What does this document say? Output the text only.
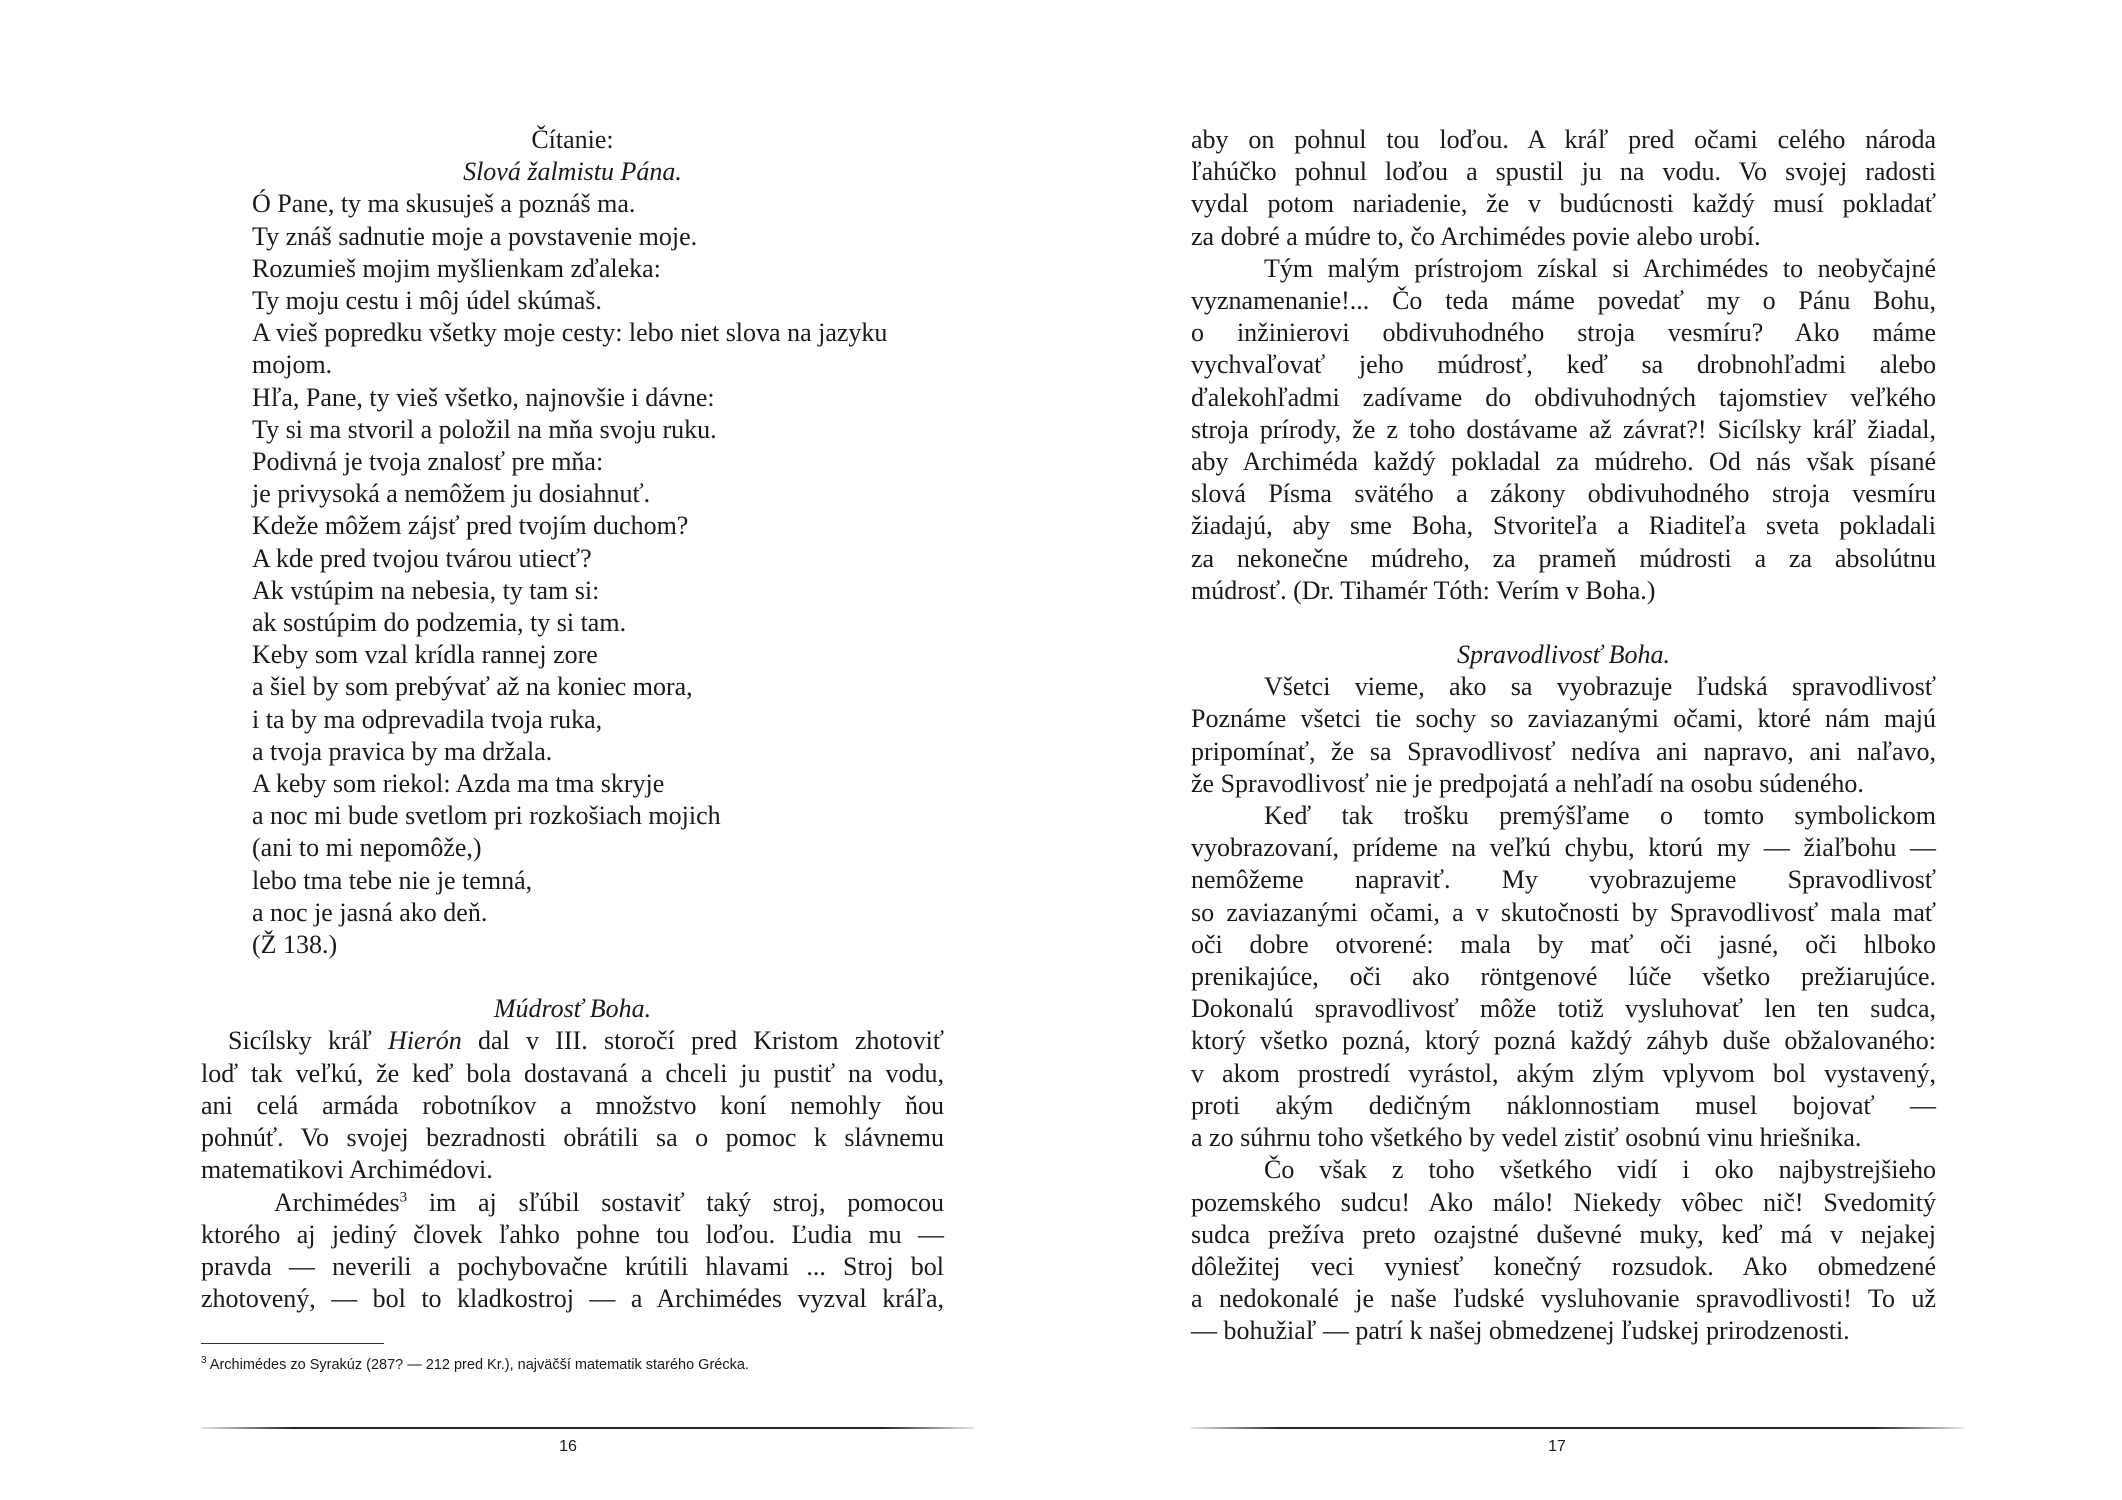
Čítanie:
Slová žalmistu Pána.
Ó Pane, ty ma skusuješ a poznáš ma.
Ty znáš sadnutie moje a povstavenie moje.
Rozumieš mojim myšlienkam zďaleka:
Ty moju cestu i môj údel skúmaš.
A vieš popredku všetky moje cesty: lebo niet slova na jazyku
mojom.
Hľa, Pane, ty vieš všetko, najnovšie i dávne:
Ty si ma stvoril a položil na mňa svoju ruku.
Podivná je tvoja znalosť pre mňa:
je privysoká a nemôžem ju dosiahnuť.
Kdeže môžem zájsť pred tvojím duchom?
A kde pred tvojou tvárou utiecť?
Ak vstúpim na nebesia, ty tam si:
ak sostúpim do podzemia, ty si tam.
Keby som vzal krídla rannej zore
a šiel by som prebývať až na koniec mora,
i ta by ma odprevadila tvoja ruka,
a tvoja pravica by ma držala.
A keby som riekol: Azda ma tma skryje
a noc mi bude svetlom pri rozkošiach mojich
(ani to mi nepomôže,)
lebo tma tebe nie je temná,
a noc je jasná ako deň.
(Ž 138.)
Múdrosť Boha.
Sicílsky kráľ Hierón dal v III. storočí pred Kristom zhotoviť
loď tak veľkú, že keď bola dostavaná a chceli ju pustiť na vodu,
ani celá armáda robotníkov a množstvo koní nemohly ňou
pohnúť. Vo svojej bezradnosti obrátili sa o pomoc k slávnemu
matematikovi Archimédovi.
Archimédes$^3$ im aj sľúbil sostaviť taký stroj, pomocou
ktorého aj jediný človek ľahko pohne tou loďou. Ľudia mu —
pravda — neverili a pochybovačne krútili hlavami ... Stroj bol
zhotovený, — bol to kladkostroj — a Archimédes vyzval kráľa,
$^3$ Archimédes zo Syrakúz (287? — 212 pred Kr.), najväčší matematik starého Grécka.
16
aby on pohnul tou loďou. A kráľ pred očami celého národa
ľahúčko pohnul loďou a spustil ju na vodu. Vo svojej radosti
vydal potom nariadenie, že v budúcnosti každý musí pokladať
za dobré a múdre to, čo Archimédes povie alebo urobí.
Tým malým prístrojom získal si Archimédes to neobyčajné
vyznamenanie!... Čo teda máme povedať my o Pánu Bohu,
o inžinierovi obdivuhodného stroja vesmíru? Ako máme
vychvaľovať jeho múdrosť, keď sa drobnohľadmi alebo
ďalekohľadmi zadívame do obdivuhodných tajomstiev veľkého
stroja prírody, že z toho dostávame až závrat?! Sicílsky kráľ žiadal,
aby Archiméda každý pokladal za múdreho. Od nás však písané
slová Písma svätého a zákony obdivuhodného stroja vesmíru
žiadajú, aby sme Boha, Stvoriteľa a Riaditeľa sveta pokladali
za nekonečne múdreho, za prameň múdrosti a za absolútnu
múdrosť. (Dr. Tihamér Tóth: Verím v Boha.)
Spravodlivosť Boha.
Všetci vieme, ako sa vyobrazuje ľudská spravodlivosť
Poznáme všetci tie sochy so zaviazanými očami, ktoré nám majú
pripomínať, že sa Spravodlivosť nedíva ani napravo, ani naľavo,
že Spravodlivosť nie je predpojatá a nehľadí na osobu súdeného.
Keď tak trošku premýšľame o tomto symbolickom
vyobrazovaní, prídeme na veľkú chybu, ktorú my — žiaľbohu —
nemôžeme napraviť. My vyobrazujeme Spravodlivosť
so zaviazanými očami, a v skutočnosti by Spravodlivosť mala mať
oči dobre otvorené: mala by mať oči jasné, oči hlboko
prenikajúce, oči ako röntgenové lúče všetko prežiarujúce.
Dokonalú spravodlivosť môže totiž vysluhovať len ten sudca,
ktorý všetko pozná, ktorý pozná každý záhyb duše obžalovaného:
v akom prostredí vyrástol, akým zlým vplyvom bol vystavený,
proti akým dedičným náklonnostiam musel bojovať —
a zo súhrnu toho všetkého by vedel zistiť osobnú vinu hriešnika.
Čo však z toho všetkého vidí i oko najbystrejšieho
pozemského sudcu! Ako málo! Niekedy vôbec nič! Svedomitý
sudca prežíva preto ozajstné duševné muky, keď má v nejakej
dôležitej veci vyniesť konečný rozsudok. Ako obmedzené
a nedokonalé je naše ľudské vysluhovanie spravodlivosti! To už
— bohužiaľ — patrí k našej obmedzenej ľudskej prirodzenosti.
17
